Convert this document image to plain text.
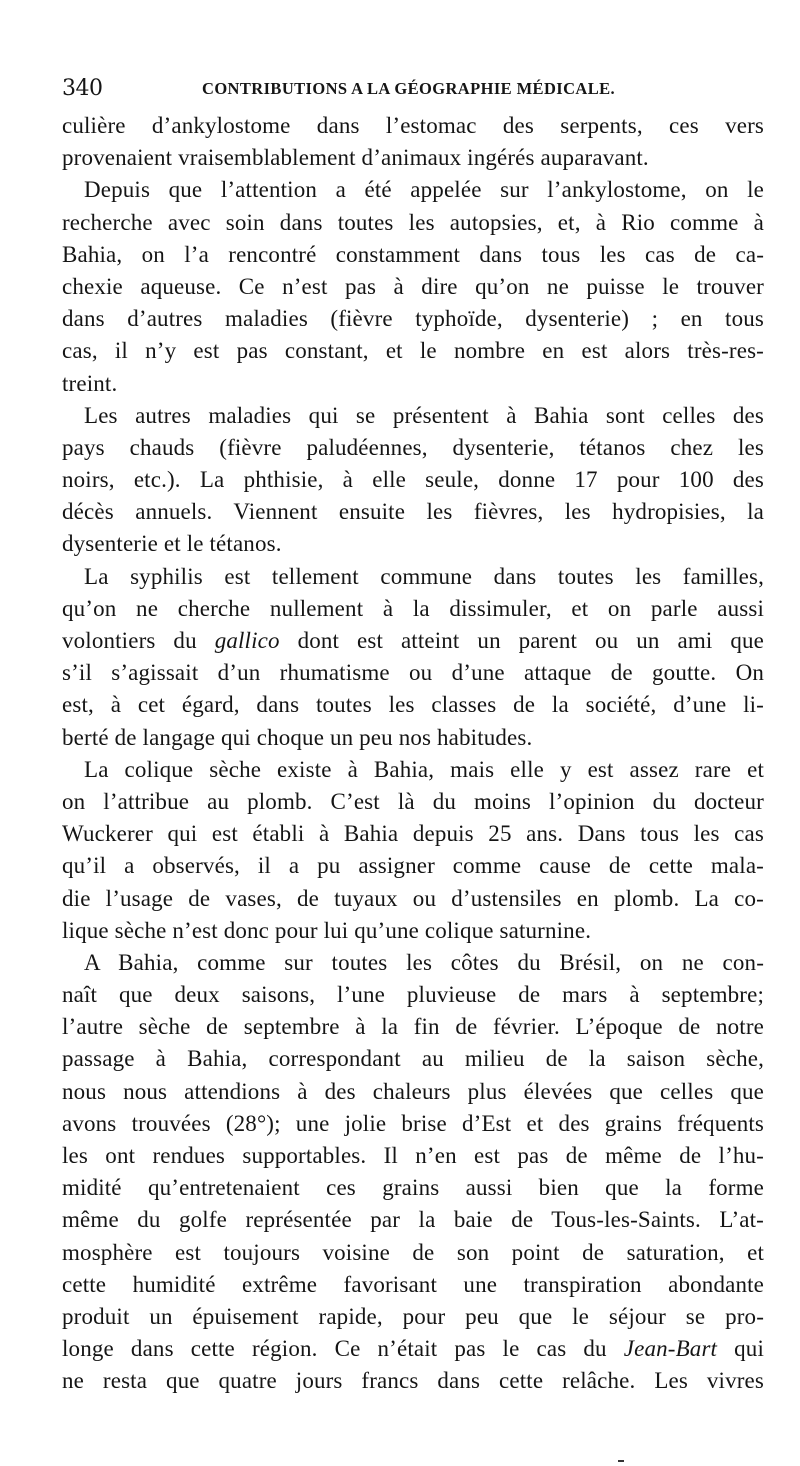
340	CONTRIBUTIONS A LA GÉOGRAPHIE MÉDICALE.
culière d’ankylostome dans l’estomac des serpents, ces vers
provenaient vraisemblablement d’animaux ingérés auparavant.
Depuis que l’attention a été appelée sur l’ankylostome, on le
recherche avec soin dans toutes les autopsies, et, à Rio comme à
Bahia, on l’a rencontré constamment dans tous les cas de ca-
chexie aqueuse. Ce n’est pas à dire qu’on ne puisse le trouver
dans d’autres maladies (fièvre typhoïde, dysenterie) ; en tous
cas, il n’y est pas constant, et le nombre en est alors très-res-
treint.
Les autres maladies qui se présentent à Bahia sont celles des
pays chauds (fièvre paludéennes, dysenterie, tétanos chez les
noirs, etc.). La phthisie, à elle seule, donne 17 pour 100 des
décès annuels. Viennent ensuite les fièvres, les hydropisies, la
dysenterie et le tétanos.
La syphilis est tellement commune dans toutes les familles,
qu’on ne cherche nullement à la dissimuler, et on parle aussi
volontiers du gallico dont est atteint un parent ou un ami que
s’il s’agissait d’un rhumatisme ou d’une attaque de goutte. On
est, à cet égard, dans toutes les classes de la société, d’une li-
berté de langage qui choque un peu nos habitudes.
La colique sèche existe à Bahia, mais elle y est assez rare et
on l’attribue au plomb. C’est là du moins l’opinion du docteur
Wuckerer qui est établi à Bahia depuis 25 ans. Dans tous les cas
qu’il a observés, il a pu assigner comme cause de cette mala-
die l’usage de vases, de tuyaux ou d’ustensiles en plomb. La co-
lique sèche n’est donc pour lui qu’une colique saturnine.
A Bahia, comme sur toutes les côtes du Brésil, on ne con-
naît que deux saisons, l’une pluvieuse de mars à septembre;
l’autre sèche de septembre à la fin de février. L’époque de notre
passage à Bahia, correspondant au milieu de la saison sèche,
nous nous attendions à des chaleurs plus élevées que celles que
avons trouvées (28°); une jolie brise d’Est et des grains fréquents
les ont rendues supportables. Il n’en est pas de même de l’hu-
midité qu’entretenaient ces grains aussi bien que la forme
même du golfe représentée par la baie de Tous-les-Saints. L’at-
mosphère est toujours voisine de son point de saturation, et
cette humidité extrême favorisant une transpiration abondante
produit un épuisement rapide, pour peu que le séjour se pro-
longe dans cette région. Ce n’était pas le cas du Jean-Bart qui
ne resta que quatre jours francs dans cette relâche. Les vivres
